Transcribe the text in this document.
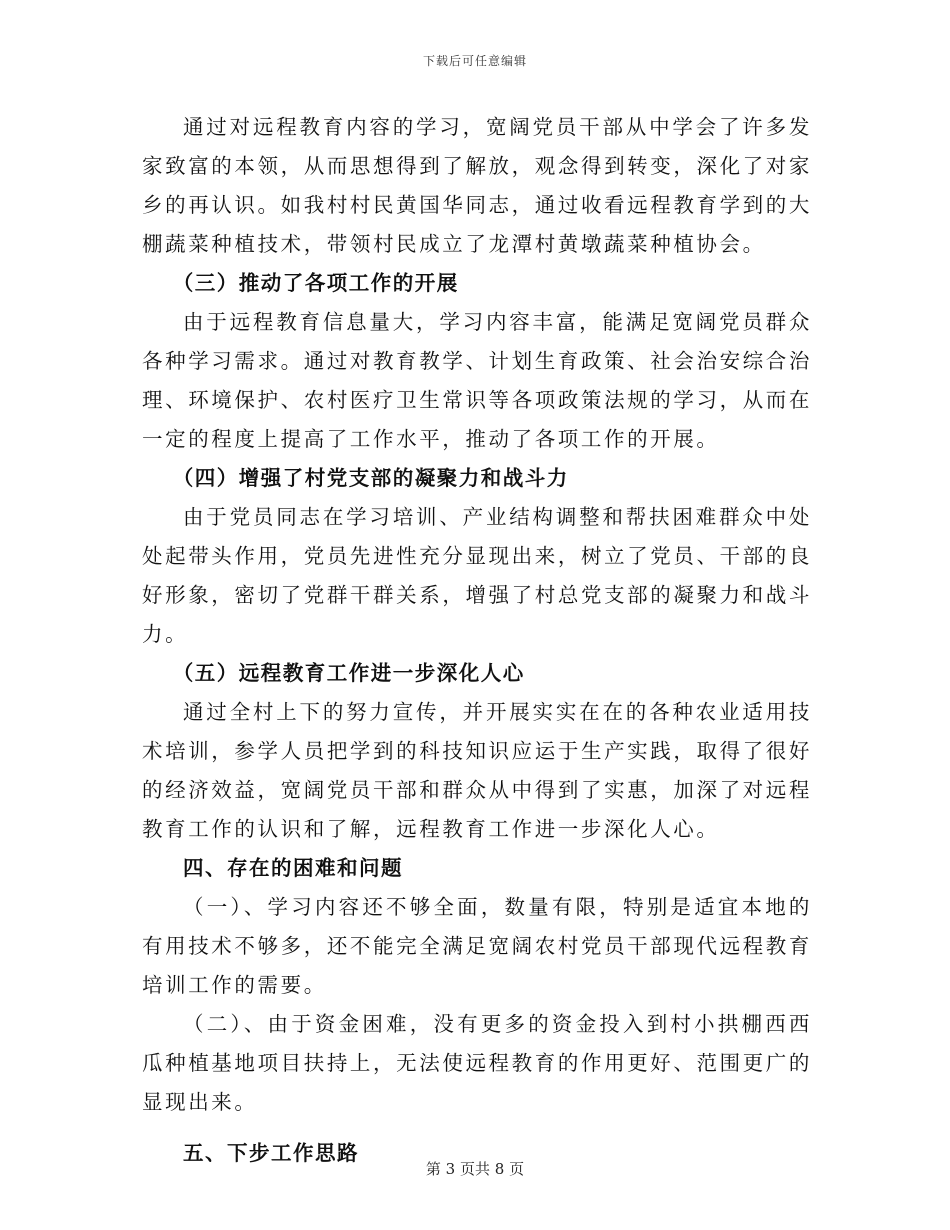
下载后可任意编辑

通过对远程教育内容的学习，宽阔党员干部从中学会了许多发家致富的本领，从而思想得到了解放，观念得到转变，深化了对家乡的再认识。如我村村民黄国华同志，通过收看远程教育学到的大棚蔬菜种植技术，带领村民成立了龙潭村黄墩蔬菜种植协会。

（三）推动了各项工作的开展

由于远程教育信息量大，学习内容丰富，能满足宽阔党员群众各种学习需求。通过对教育教学、计划生育政策、社会治安综合治理、环境保护、农村医疗卫生常识等各项政策法规的学习，从而在一定的程度上提高了工作水平，推动了各项工作的开展。

（四）增强了村党支部的凝聚力和战斗力

由于党员同志在学习培训、产业结构调整和帮扶困难群众中处处起带头作用，党员先进性充分显现出来，树立了党员、干部的良好形象，密切了党群干群关系，增强了村总党支部的凝聚力和战斗力。

（五）远程教育工作进一步深化人心

通过全村上下的努力宣传，并开展实实在在的各种农业适用技术培训，参学人员把学到的科技知识应运于生产实践，取得了很好的经济效益，宽阔党员干部和群众从中得到了实惠，加深了对远程教育工作的认识和了解，远程教育工作进一步深化人心。

四、存在的困难和问题

（一）、学习内容还不够全面，数量有限，特别是适宜本地的有用技术不够多，还不能完全满足宽阔农村党员干部现代远程教育培训工作的需要。

（二）、由于资金困难，没有更多的资金投入到村小拱棚西西瓜种植基地项目扶持上，无法使远程教育的作用更好、范围更广的显现出来。

五、下步工作思路

第 3 页共 8 页
